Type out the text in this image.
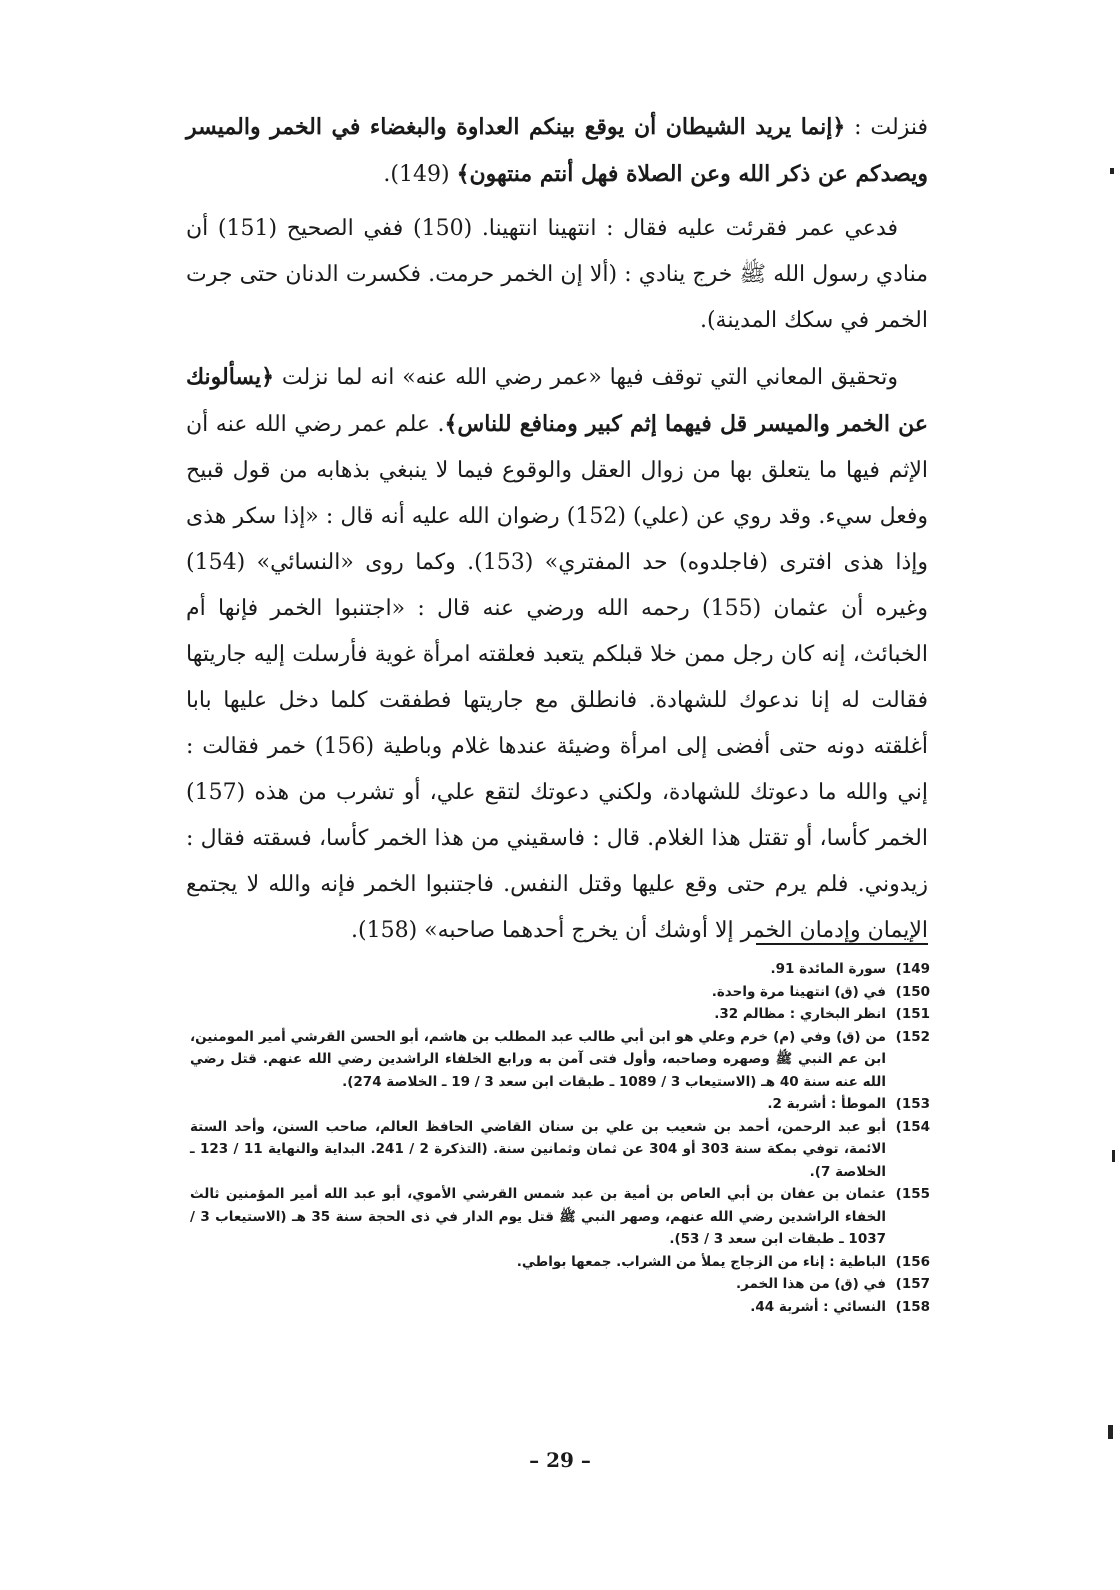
فنزلت : ﴿إنما يريد الشيطان أن يوقع بينكم العداوة والبغضاء في الخمر والميسر ويصدكم عن ذكر الله وعن الصلاة فهل أنتم منتهون﴾ (149).

فدعي عمر فقرئت عليه فقال : انتهينا انتهينا. (150) ففي الصحيح (151) أن منادي رسول الله ﷺ خرج ينادي : (ألا إن الخمر حرمت. فكسرت الدنان حتى جرت الخمر في سكك المدينة).

وتحقيق المعاني التي توقف فيها «عمر رضي الله عنه» انه لما نزلت ﴿يسألونك عن الخمر والميسر قل فيهما إثم كبير ومنافع للناس﴾. علم عمر رضي الله عنه أن الإثم فيها ما يتعلق بها من زوال العقل والوقوع فيما لا ينبغي بذهابه من قول قبيح وفعل سيء. وقد روي عن (علي) (152) رضوان الله عليه أنه قال : «إذا سكر هذى وإذا هذى افترى (فاجلدوه) حد المفتري» (153). وكما روى «النسائي» (154) وغيره أن عثمان (155) رحمه الله ورضي عنه قال : «اجتنبوا الخمر فإنها أم الخبائث، إنه كان رجل ممن خلا قبلكم يتعبد فعلقته امرأة غوية فأرسلت إليه جاريتها فقالت له إنا ندعوك للشهادة. فانطلق مع جاريتها فطفقت كلما دخل عليها بابا أغلقته دونه حتى أفضى إلى امرأة وضيئة عندها غلام وباطية (156) خمر فقالت : إني والله ما دعوتك للشهادة، ولكني دعوتك لتقع علي، أو تشرب من هذه (157) الخمر كأسا، أو تقتل هذا الغلام. قال : فاسقيني من هذا الخمر كأسا، فسقته فقال : زيدوني. فلم يرم حتى وقع عليها وقتل النفس. فاجتنبوا الخمر فإنه والله لا يجتمع الإيمان وإدمان الخمر إلا أوشك أن يخرج أحدهما صاحبه» (158).

149)
سورة المائدة 91.
150)
في (ق) انتهينا مرة واحدة.
151)
انظر البخاري : مظالم 32.
152)
من (ق) وفي (م) خرم وعلي هو ابن أبي طالب عبد المطلب بن هاشم، أبو الحسن القرشي أمير المومنين، ابن عم النبي ﷺ وصهره وصاحبه، وأول فتى آمن به ورابع الخلفاء الراشدين رضي الله عنهم. قتل رضي الله عنه سنة 40 هـ (الاستيعاب 3 / 1089 ـ طبقات ابن سعد 3 / 19 ـ الخلاصة 274).
153)
الموطأ : أشربة 2.
154)
أبو عبد الرحمن، أحمد بن شعيب بن علي بن سنان القاضي الحافظ العالم، صاحب السنن، وأحد الستة الائمة، توفي بمكة سنة 303 أو 304 عن ثمان وثمانين سنة. (التذكرة 2 / 241. البداية والنهاية 11 / 123 ـ الخلاصة 7).
155)
عثمان بن عفان بن أبي العاص بن أمية بن عبد شمس القرشي الأموي، أبو عبد الله أمير المؤمنين ثالث الخفاء الراشدين رضي الله عنهم، وصهر النبي ﷺ قتل يوم الدار في ذى الحجة سنة 35 هـ (الاستيعاب 3 / 1037 ـ طبقات ابن سعد 3 / 53).
156)
الباطية : إناء من الزجاج يملأ من الشراب. جمعها بواطي.
157)
في (ق) من هذا الخمر.
158)
النسائي : أشربة 44.
– 29 –
